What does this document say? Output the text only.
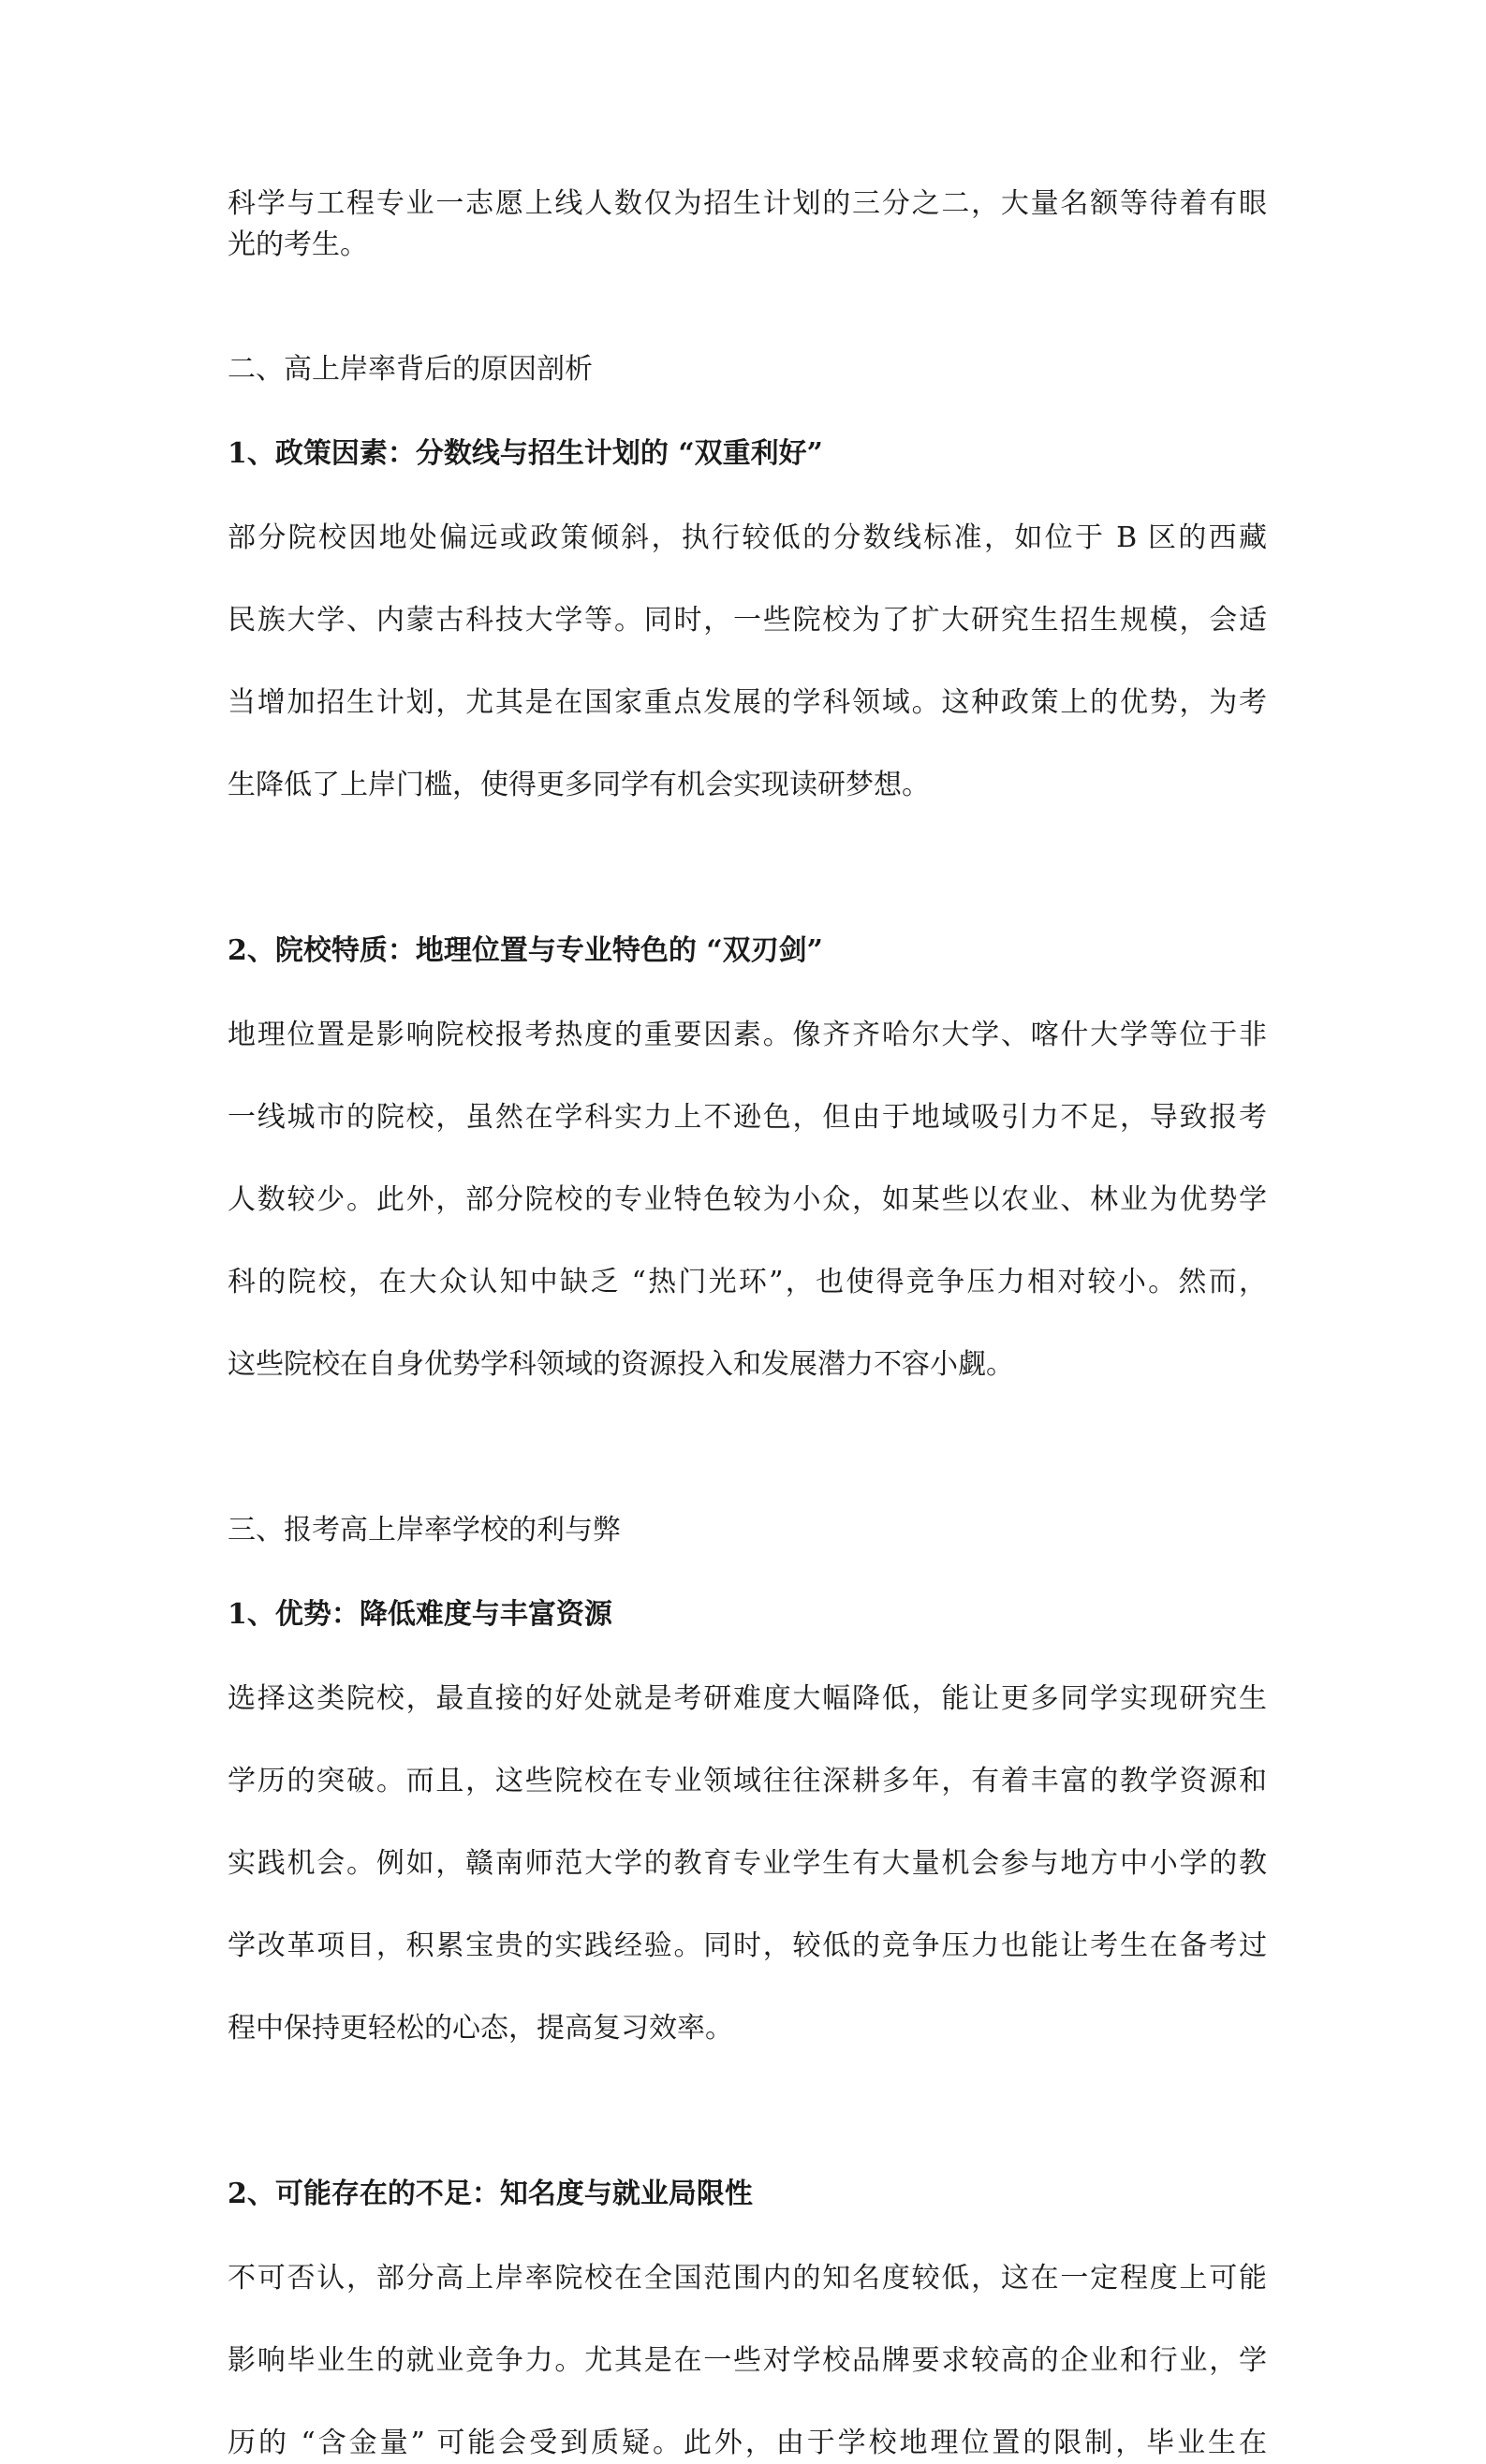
科学与工程专业一志愿上线人数仅为招生计划的三分之二，大量名额等待着有眼
光的考生。
二、高上岸率背后的原因剖析
1、政策因素：分数线与招生计划的 “双重利好”
部分院校因地处偏远或政策倾斜，执行较低的分数线标准，如位于 B 区的西藏
民族大学、内蒙古科技大学等。同时，一些院校为了扩大研究生招生规模，会适
当增加招生计划，尤其是在国家重点发展的学科领域。这种政策上的优势，为考
生降低了上岸门槛，使得更多同学有机会实现读研梦想。
2、院校特质：地理位置与专业特色的 “双刃剑”
地理位置是影响院校报考热度的重要因素。像齐齐哈尔大学、喀什大学等位于非
一线城市的院校，虽然在学科实力上不逊色，但由于地域吸引力不足，导致报考
人数较少。此外，部分院校的专业特色较为小众，如某些以农业、林业为优势学
科的院校，在大众认知中缺乏 “热门光环”，也使得竞争压力相对较小。然而，
这些院校在自身优势学科领域的资源投入和发展潜力不容小觑。
三、报考高上岸率学校的利与弊
1、优势：降低难度与丰富资源
选择这类院校，最直接的好处就是考研难度大幅降低，能让更多同学实现研究生
学历的突破。而且，这些院校在专业领域往往深耕多年，有着丰富的教学资源和
实践机会。例如，赣南师范大学的教育专业学生有大量机会参与地方中小学的教
学改革项目，积累宝贵的实践经验。同时，较低的竞争压力也能让考生在备考过
程中保持更轻松的心态，提高复习效率。
2、可能存在的不足：知名度与就业局限性
不可否认，部分高上岸率院校在全国范围内的知名度较低，这在一定程度上可能
影响毕业生的就业竞争力。尤其是在一些对学校品牌要求较高的企业和行业，学
历的 “含金量” 可能会受到质疑。此外，由于学校地理位置的限制，毕业生在
